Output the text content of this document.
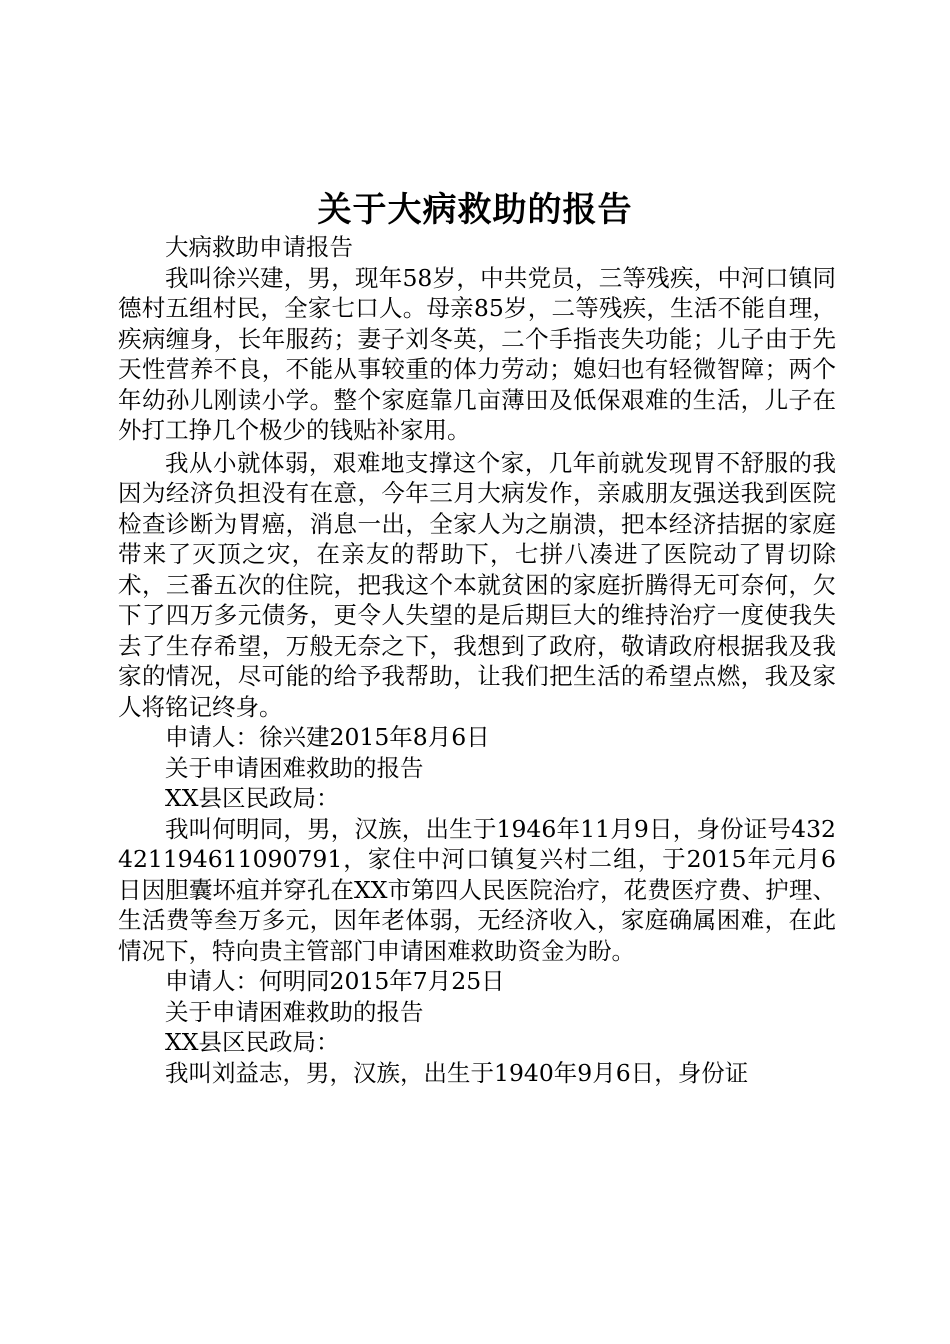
关于大病救助的报告

大病救助申请报告

我叫徐兴建，男，现年58岁，中共党员，三等残疾，中河口镇同德村五组村民，全家七口人。母亲85岁，二等残疾，生活不能自理，疾病缠身，长年服药；妻子刘冬英，二个手指丧失功能；儿子由于先天性营养不良，不能从事较重的体力劳动；媳妇也有轻微智障；两个年幼孙儿刚读小学。整个家庭靠几亩薄田及低保艰难的生活，儿子在外打工挣几个极少的钱贴补家用。

我从小就体弱，艰难地支撑这个家，几年前就发现胃不舒服的我因为经济负担没有在意，今年三月大病发作，亲戚朋友强送我到医院检查诊断为胃癌，消息一出，全家人为之崩溃，把本经济拮据的家庭带来了灭顶之灾，在亲友的帮助下，七拼八凑进了医院动了胃切除术，三番五次的住院，把我这个本就贫困的家庭折腾得无可奈何，欠下了四万多元债务，更令人失望的是后期巨大的维持治疗一度使我失去了生存希望，万般无奈之下，我想到了政府，敬请政府根据我及我家的情况，尽可能的给予我帮助，让我们把生活的希望点燃，我及家人将铭记终身。

申请人：徐兴建2015年8月6日

关于申请困难救助的报告

XX县区民政局：

我叫何明同，男，汉族，出生于1946年11月9日，身份证号432421194611090791，家住中河口镇复兴村二组，于2015年元月6日因胆囊坏疽并穿孔在XX市第四人民医院治疗，花费医疗费、护理、生活费等叁万多元，因年老体弱，无经济收入，家庭确属困难，在此情况下，特向贵主管部门申请困难救助资金为盼。

申请人：何明同2015年7月25日

关于申请困难救助的报告

XX县区民政局：

我叫刘益志，男，汉族，出生于1940年9月6日，身份证
